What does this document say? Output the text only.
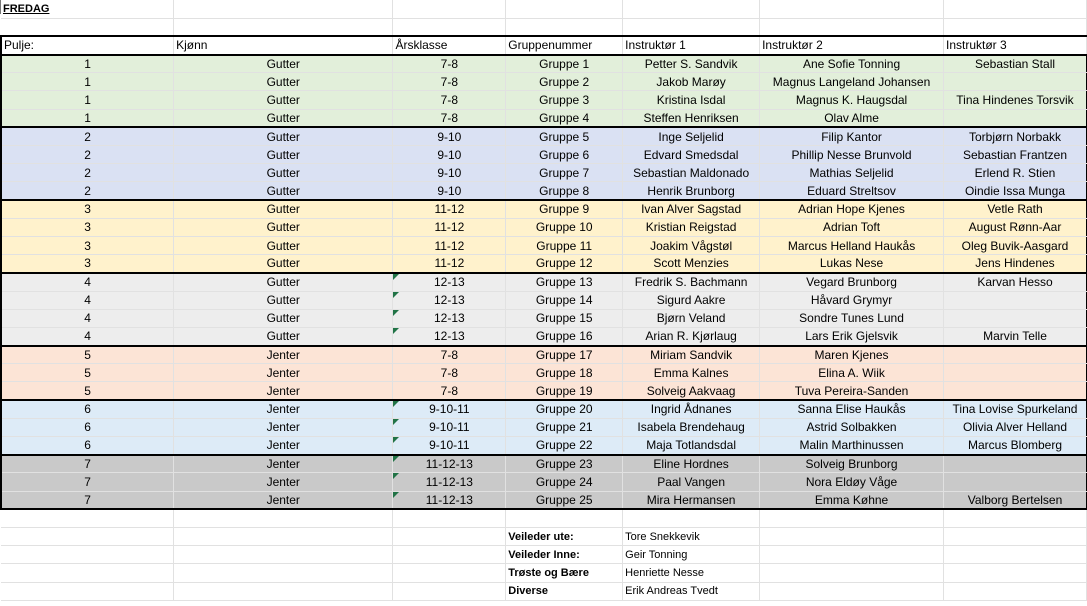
FREDAG						

Pulje:	Kjønn	Årsklasse	Gruppenummer	Instruktør 1	Instruktør 2	Instruktør 3
1	Gutter	7-8	Gruppe 1	Petter S. Sandvik	Ane Sofie Tonning	Sebastian Stall
1	Gutter	7-8	Gruppe 2	Jakob Marøy	Magnus Langeland Johansen	
1	Gutter	7-8	Gruppe 3	Kristina Isdal	Magnus K. Haugsdal	Tina Hindenes Torsvik
1	Gutter	7-8	Gruppe 4	Steffen Henriksen	Olav Alme	
2	Gutter	9-10	Gruppe 5	Inge Seljelid	Filip Kantor	Torbjørn Norbakk
2	Gutter	9-10	Gruppe 6	Edvard Smedsdal	Phillip Nesse Brunvold	Sebastian Frantzen
2	Gutter	9-10	Gruppe 7	Sebastian Maldonado	Mathias Seljelid	Erlend R. Stien
2	Gutter	9-10	Gruppe 8	Henrik Brunborg	Eduard Streltsov	Oindie Issa Munga
3	Gutter	11-12	Gruppe 9	Ivan Alver Sagstad	Adrian Hope Kjenes	Vetle Rath
3	Gutter	11-12	Gruppe 10	Kristian Reigstad	Adrian Toft	August Rønn-Aar
3	Gutter	11-12	Gruppe 11	Joakim Vågstøl	Marcus Helland Haukås	Oleg Buvik-Aasgard
3	Gutter	11-12	Gruppe 12	Scott Menzies	Lukas Nese	Jens Hindenes
4	Gutter	12-13	Gruppe 13	Fredrik S. Bachmann	Vegard Brunborg	Karvan Hesso
4	Gutter	12-13	Gruppe 14	Sigurd Aakre	Håvard Grymyr	
4	Gutter	12-13	Gruppe 15	Bjørn Veland	Sondre Tunes Lund	
4	Gutter	12-13	Gruppe 16	Arian R. Kjørlaug	Lars Erik Gjelsvik	Marvin Telle
5	Jenter	7-8	Gruppe 17	Miriam Sandvik	Maren Kjenes	
5	Jenter	7-8	Gruppe 18	Emma Kalnes	Elina A. Wiik	
5	Jenter	7-8	Gruppe 19	Solveig Aakvaag	Tuva Pereira-Sanden	
6	Jenter	9-10-11	Gruppe 20	Ingrid Ådnanes	Sanna Elise Haukås	Tina Lovise Spurkeland
6	Jenter	9-10-11	Gruppe 21	Isabela Brendehaug	Astrid Solbakken	Olivia Alver Helland
6	Jenter	9-10-11	Gruppe 22	Maja Totlandsdal	Malin Marthinussen	Marcus Blomberg
7	Jenter	11-12-13	Gruppe 23	Eline Hordnes	Solveig Brunborg	
7	Jenter	11-12-13	Gruppe 24	Paal Vangen	Nora Eldøy Våge	
7	Jenter	11-12-13	Gruppe 25	Mira Hermansen	Emma Køhne	Valborg Bertelsen

			Veileder ute:	Tore Snekkevik		
			Veileder Inne:	Geir Tonning		
			Trøste og Bære	Henriette Nesse		
			Diverse	Erik Andreas Tvedt		
